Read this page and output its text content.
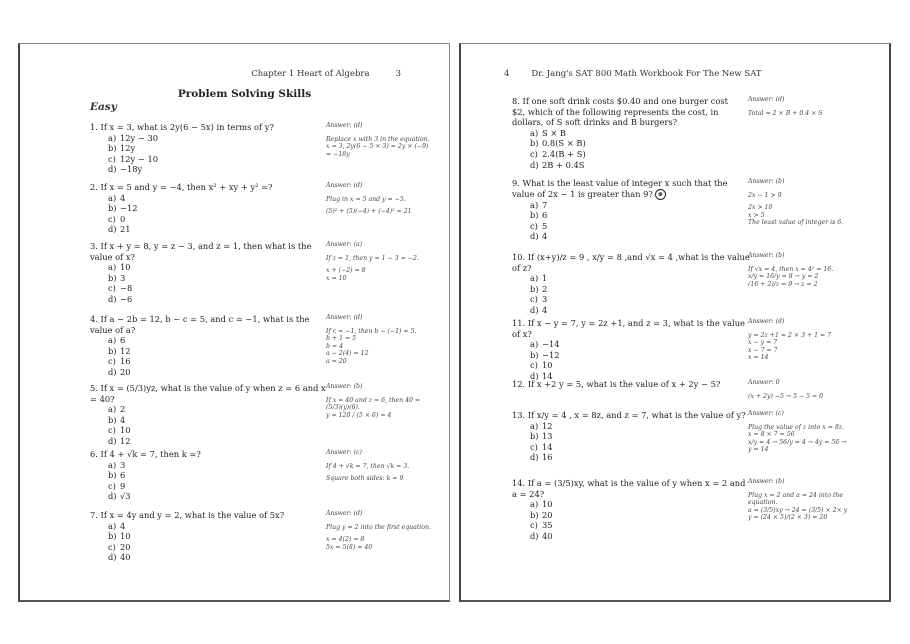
Chapter 1 Heart of Algebra	3
Problem Solving Skills
Easy
1. If x = 3, what is 2y(6 − 5x) in terms of y?
a) 12y − 30
b) 12y
c) 12y − 10
d) −18y
Answer: (d)
Replace x with 3 in the equation.
x = 3, 2y(6 − 5 × 3) = 2y × (−9)
= −18y
2. If x = 5 and y = −4, then x² + xy + y² =?
a) 4
b) −12
c) 0
d) 21
Answer: (d)
Plug in x = 5 and y = −5.
(5)² + (5)(−4) + (−4)² = 21
3. If x + y = 8, y = z − 3, and z = 1, then what is the value of x?
a) 10
b) 3
c) −8
d) −6
Answer: (a)
If z = 1, then y = 1 − 3 = −2.
x + (−2) = 8
x = 10
4. If a − 2b = 12, b − c = 5, and c = −1, what is the value of a?
a) 6
b) 12
c) 16
d) 20
Answer: (d)
If c = −1, then b − (−1) = 5.
b + 1 = 5
b = 4
a − 2(4) = 12
a = 20
5. If x = (5/3)yz, what is the value of y when z = 6 and x = 40?
a) 2
b) 4
c) 10
d) 12
Answer: (b)
If x = 40 and z = 6, then 40 =
(5/3)(y)(6).
y = 120 / (5 × 6) = 4
6. If 4 + √k = 7, then k =?
a) 3
b) 6
c) 9
d) √3
Answer: (c)
If 4 + √k = 7, then √k = 3.
Square both sides: k = 9
7. If x = 4y and y = 2, what is the value of 5x?
a) 4
b) 10
c) 20
d) 40
Answer: (d)
Plug y = 2 into the first equation.
x = 4(2) = 8
5x = 5(8) = 40
4	Dr. Jang's SAT 800 Math Workbook For The New SAT
8. If one soft drink costs $0.40 and one burger cost $2, which of the following represents the cost, in dollars, of S soft drinks and B burgers?
a) S × B
b) 0.8(S × B)
c) 2.4(B + S)
d) 2B + 0.4S
Answer: (d)
Total = 2 × B + 0.4 × S
9. What is the least value of integer x such that the value of 2x − 1 is greater than 9? ⊗
a) 7
b) 6
c) 5
d) 4
Answer: (b)
2x − 1 > 9
2x > 10
x > 5
The least value of integer is 6.
10. If (x+y)/z = 9 , x/y = 8 ,and √x = 4 ,what is the value of z?
a) 1
b) 2
c) 3
d) 4
Answer: (b)
If √x = 4, then x = 4² = 16.
x/y = 16/y = 8 → y = 2
(16 + 2)/z = 9 → z = 2
11. If x − y = 7, y = 2z +1, and z = 3, what is the value of x?
a) −14
b) −12
c) 10
d) 14
Answer: (d)
y = 2z +1 = 2 × 3 + 1 = 7
x − y = 7
x − 7 = 7
x = 14
12. If x +2 y = 5, what is the value of x + 2y − 5?	Answer: 0
(x + 2y) −5 → 5 − 5 = 0
13. If x/y = 4 , x = 8z, and z = 7, what is the value of y?
a) 12
b) 13
c) 14
d) 16
Answer: (c)
Plug the value of z into x = 8z.
x = 8 × 7 = 56
x/y = 4 → 56/y = 4 → 4y = 56 →
y = 14
14. If a = (3/5)xy, what is the value of y when x = 2 and a = 24?
a) 10
b) 20
c) 35
d) 40
Answer: (b)
Plug x = 2 and a = 24 into the
equation.
a = (3/5)xy → 24 = (3/5) × 2× y
y = (24 × 5)/(2 × 3) = 20
